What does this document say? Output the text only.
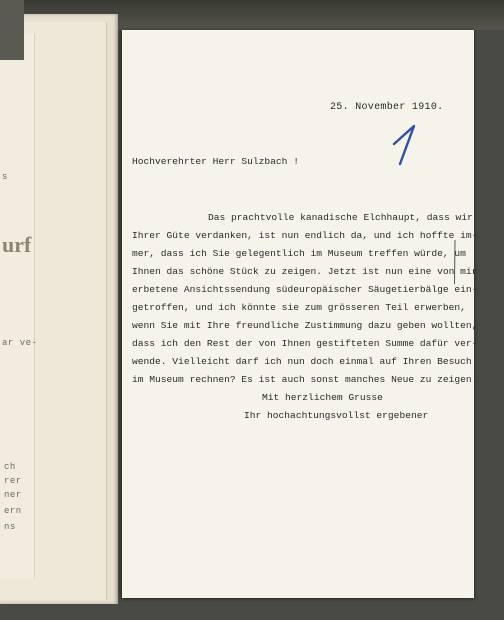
urf
s
ar ve-
ch
rer
ner
ern
ns
25. November 1910.
Hochverehrter Herr Sulzbach !
Das prachtvolle kanadische Elchhaupt, dass wir
Ihrer Güte verdanken, ist nun endlich da, und ich hoffte im-
mer, dass ich Sie gelegentlich im Museum treffen würde, um
Ihnen das schöne Stück zu zeigen. Jetzt ist nun eine von mir
erbetene Ansichtssendung südeuropäischer Säugetierbälge ein-
getroffen, und ich könnte sie zum grösseren Teil erwerben,
wenn Sie mit Ihre freundliche Zustimmung dazu geben wollten,
dass ich den Rest der von Ihnen gestifteten Summe dafür ver-
wende. Vielleicht darf ich nun doch einmal auf Ihren Besuch
im Museum rechnen? Es ist auch sonst manches Neue zu zeigen.
Mit herzlichem Grusse
Ihr hochachtungsvollst ergebener
